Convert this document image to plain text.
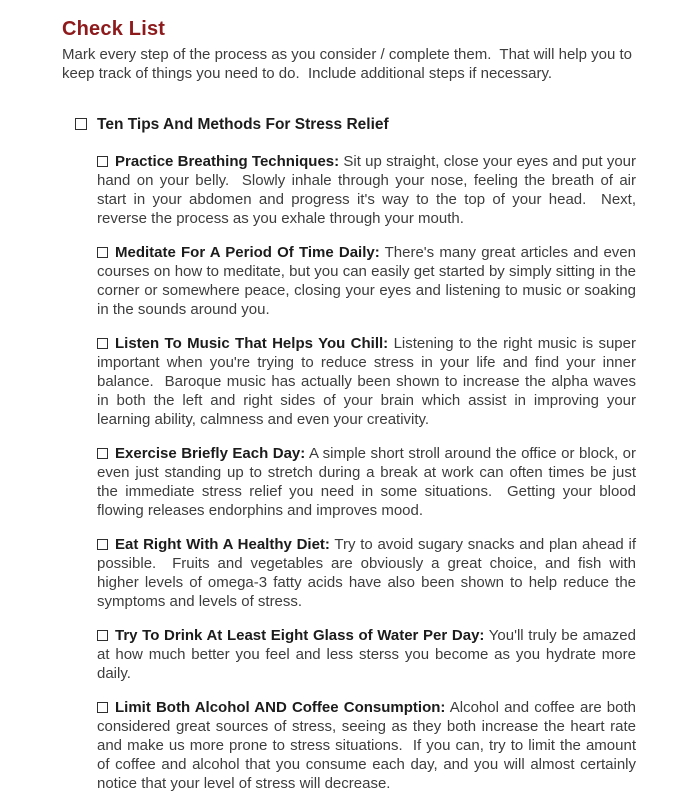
Check List

Mark every step of the process as you consider / complete them.  That will help you to keep track of things you need to do.  Include additional steps if necessary.

Ten Tips And Methods For Stress Relief

Practice Breathing Techniques: Sit up straight, close your eyes and put your hand on your belly.  Slowly inhale through your nose, feeling the breath of air start in your abdomen and progress it's way to the top of your head.  Next, reverse the process as you exhale through your mouth.

Meditate For A Period Of Time Daily: There's many great articles and even courses on how to meditate, but you can easily get started by simply sitting in the corner or somewhere peace, closing your eyes and listening to music or soaking in the sounds around you.

Listen To Music That Helps You Chill: Listening to the right music is super important when you're trying to reduce stress in your life and find your inner balance.  Baroque music has actually been shown to increase the alpha waves in both the left and right sides of your brain which assist in improving your learning ability, calmness and even your creativity.

Exercise Briefly Each Day: A simple short stroll around the office or block, or even just standing up to stretch during a break at work can often times be just the immediate stress relief you need in some situations.  Getting your blood flowing releases endorphins and improves mood.

Eat Right With A Healthy Diet: Try to avoid sugary snacks and plan ahead if possible.  Fruits and vegetables are obviously a great choice, and fish with higher levels of omega-3 fatty acids have also been shown to help reduce the symptoms and levels of stress.

Try To Drink At Least Eight Glass of Water Per Day: You'll truly be amazed at how much better you feel and less sterss you become as you hydrate more daily.

Limit Both Alcohol AND Coffee Consumption: Alcohol and coffee are both considered great sources of stress, seeing as they both increase the heart rate and make us more prone to stress situations.  If you can, try to limit the amount of coffee and alcohol that you consume each day, and you will almost certainly notice that your level of stress will decrease.
